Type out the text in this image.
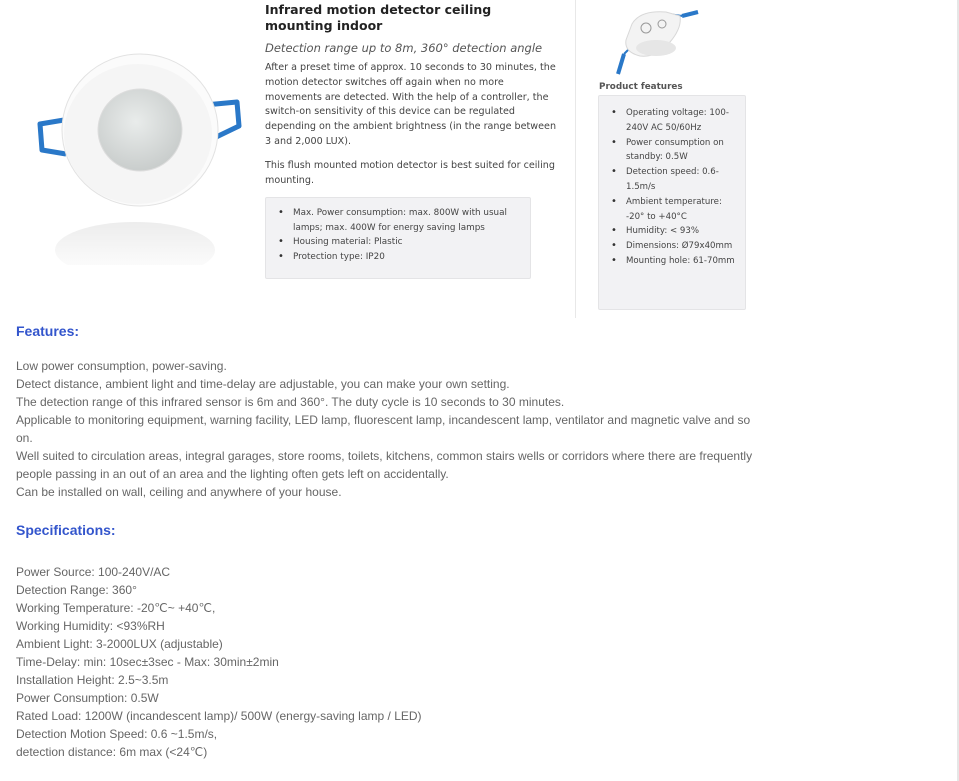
Infrared motion detector ceiling mounting indoor
Detection range up to 8m, 360° detection angle
After a preset time of approx. 10 seconds to 30 minutes, the motion detector switches off again when no more movements are detected. With the help of a controller, the switch-on sensitivity of this device can be regulated depending on the ambient brightness (in the range between 3 and 2,000 LUX).
This flush mounted motion detector is best suited for ceiling mounting.
• Max. Power consumption: max. 800W with usual lamps; max. 400W for energy saving lamps
• Housing material: Plastic
• Protection type: IP20
Product features
• Operating voltage: 100-240V AC 50/60Hz
• Power consumption on standby: 0.5W
• Detection speed: 0.6-1.5m/s
• Ambient temperature: -20° to +40°C
• Humidity: < 93%
• Dimensions: Ø79x40mm
• Mounting hole: 61-70mm
Features:
Low power consumption, power-saving.
Detect distance, ambient light and time-delay are adjustable, you can make your own setting.
The detection range of this infrared sensor is 6m and 360°. The duty cycle is 10 seconds to 30 minutes.
Applicable to monitoring equipment, warning facility, LED lamp, fluorescent lamp, incandescent lamp, ventilator and magnetic valve and so on.
Well suited to circulation areas, integral garages, store rooms, toilets, kitchens, common stairs wells or corridors where there are frequently people passing in an out of an area and the lighting often gets left on accidentally.
Can be installed on wall, ceiling and anywhere of your house.
Specifications:
Power Source: 100-240V/AC
Detection Range: 360°
Working Temperature: -20℃~ +40℃,
Working Humidity: <93%RH
Ambient Light: 3-2000LUX (adjustable)
Time-Delay: min: 10sec±3sec - Max: 30min±2min
Installation Height: 2.5~3.5m
Power Consumption: 0.5W
Rated Load: 1200W (incandescent lamp)/ 500W (energy-saving lamp / LED)
Detection Motion Speed: 0.6 ~1.5m/s,
detection distance: 6m max (<24℃)
